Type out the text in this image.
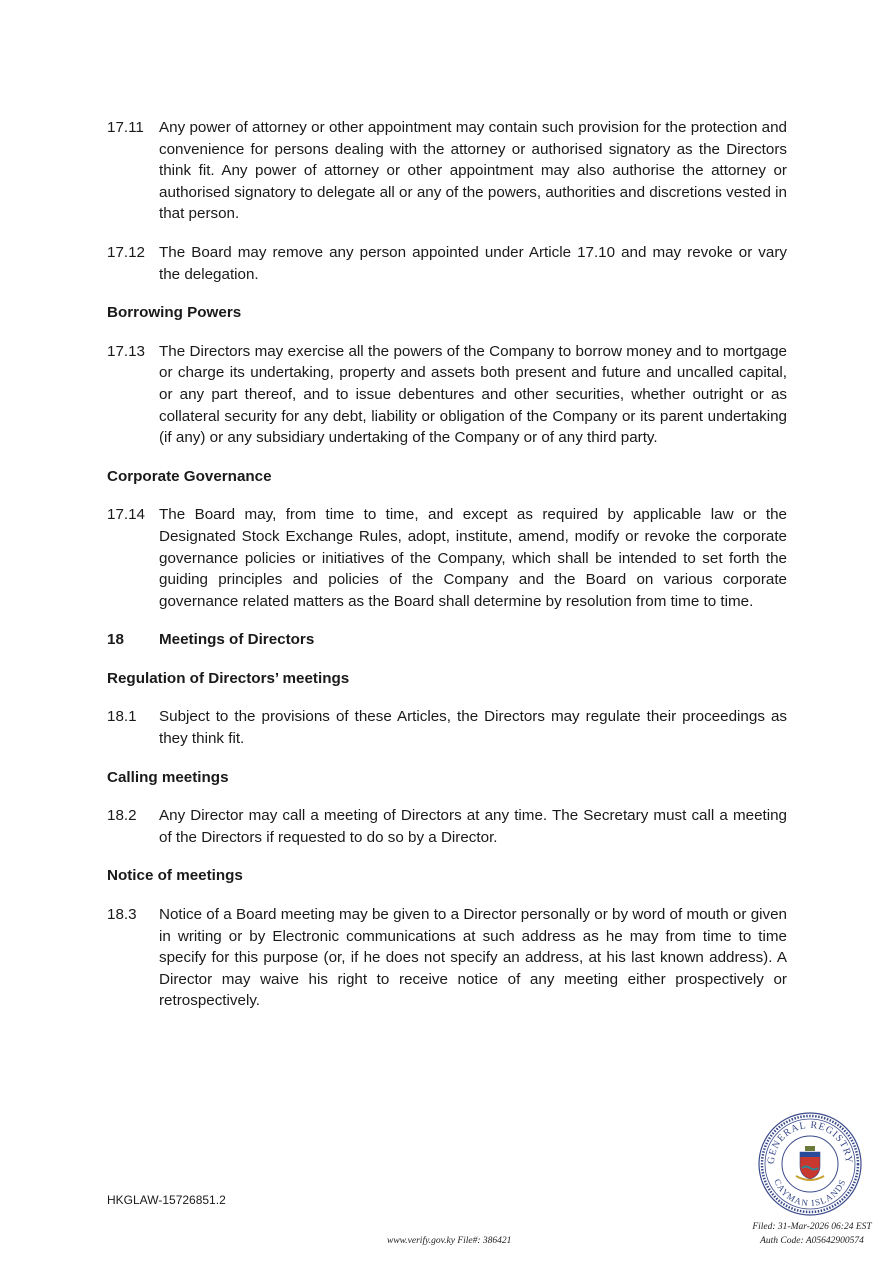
17.11 Any power of attorney or other appointment may contain such provision for the protection and convenience for persons dealing with the attorney or authorised signatory as the Directors think fit. Any power of attorney or other appointment may also authorise the attorney or authorised signatory to delegate all or any of the powers, authorities and discretions vested in that person.
17.12 The Board may remove any person appointed under Article 17.10 and may revoke or vary the delegation.
Borrowing Powers
17.13 The Directors may exercise all the powers of the Company to borrow money and to mortgage or charge its undertaking, property and assets both present and future and uncalled capital, or any part thereof, and to issue debentures and other securities, whether outright or as collateral security for any debt, liability or obligation of the Company or its parent undertaking (if any) or any subsidiary undertaking of the Company or of any third party.
Corporate Governance
17.14 The Board may, from time to time, and except as required by applicable law or the Designated Stock Exchange Rules, adopt, institute, amend, modify or revoke the corporate governance policies or initiatives of the Company, which shall be intended to set forth the guiding principles and policies of the Company and the Board on various corporate governance related matters as the Board shall determine by resolution from time to time.
18	Meetings of Directors
Regulation of Directors’ meetings
18.1	Subject to the provisions of these Articles, the Directors may regulate their proceedings as they think fit.
Calling meetings
18.2	Any Director may call a meeting of Directors at any time. The Secretary must call a meeting of the Directors if requested to do so by a Director.
Notice of meetings
18.3	Notice of a Board meeting may be given to a Director personally or by word of mouth or given in writing or by Electronic communications at such address as he may from time to time specify for this purpose (or, if he does not specify an address, at his last known address). A Director may waive his right to receive notice of any meeting either prospectively or retrospectively.
HKGLAW-15726851.2
www.verify.gov.ky File#: 386421
GENERAL REGISTRY
CAYMAN ISLANDS
Filed: 31-Mar-2026 06:24 EST
Auth Code: A05642900574
